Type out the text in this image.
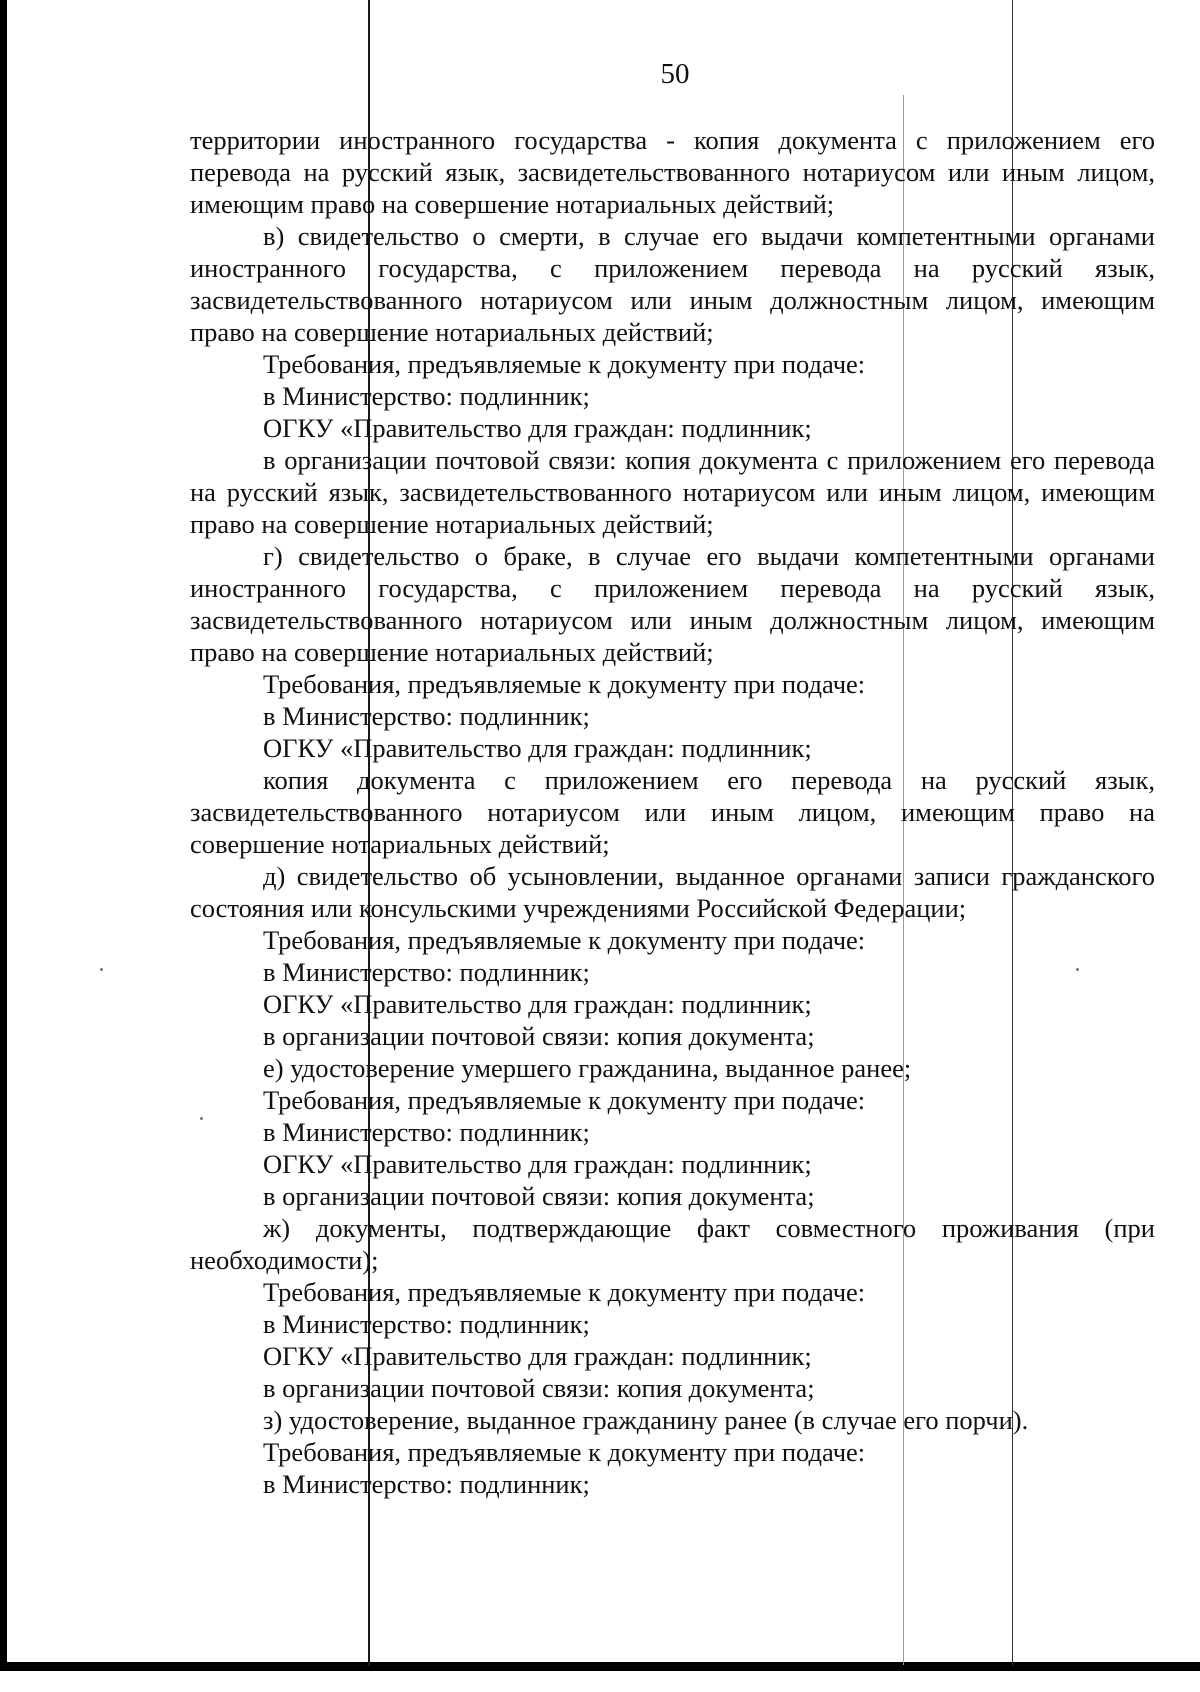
50

территории иностранного государства - копия документа с приложением его перевода на русский язык, засвидетельствованного нотариусом или иным лицом, имеющим право на совершение нотариальных действий;

в) свидетельство о смерти, в случае его выдачи компетентными органами иностранного государства, с приложением перевода на русский язык, засвидетельствованного нотариусом или иным должностным лицом, имеющим право на совершение нотариальных действий;

Требования, предъявляемые к документу при подаче:

в Министерство: подлинник;

ОГКУ «Правительство для граждан: подлинник;

в организации почтовой связи: копия документа с приложением его перевода на русский язык, засвидетельствованного нотариусом или иным лицом, имеющим право на совершение нотариальных действий;

г) свидетельство о браке, в случае его выдачи компетентными органами иностранного государства, с приложением перевода на русский язык, засвидетельствованного нотариусом или иным должностным лицом, имеющим право на совершение нотариальных действий;

Требования, предъявляемые к документу при подаче:

в Министерство: подлинник;

ОГКУ «Правительство для граждан: подлинник;

копия документа с приложением его перевода на русский язык, засвидетельствованного нотариусом или иным лицом, имеющим право на совершение нотариальных действий;

д) свидетельство об усыновлении, выданное органами записи гражданского состояния или консульскими учреждениями Российской Федерации;

Требования, предъявляемые к документу при подаче:

в Министерство: подлинник;

ОГКУ «Правительство для граждан: подлинник;

в организации почтовой связи: копия документа;

е) удостоверение умершего гражданина, выданное ранее;

Требования, предъявляемые к документу при подаче:

в Министерство: подлинник;

ОГКУ «Правительство для граждан: подлинник;

в организации почтовой связи: копия документа;

ж) документы, подтверждающие факт совместного проживания (при необходимости);

Требования, предъявляемые к документу при подаче:

в Министерство: подлинник;

ОГКУ «Правительство для граждан: подлинник;

в организации почтовой связи: копия документа;

з) удостоверение, выданное гражданину ранее (в случае его порчи).

Требования, предъявляемые к документу при подаче:

в Министерство: подлинник;
